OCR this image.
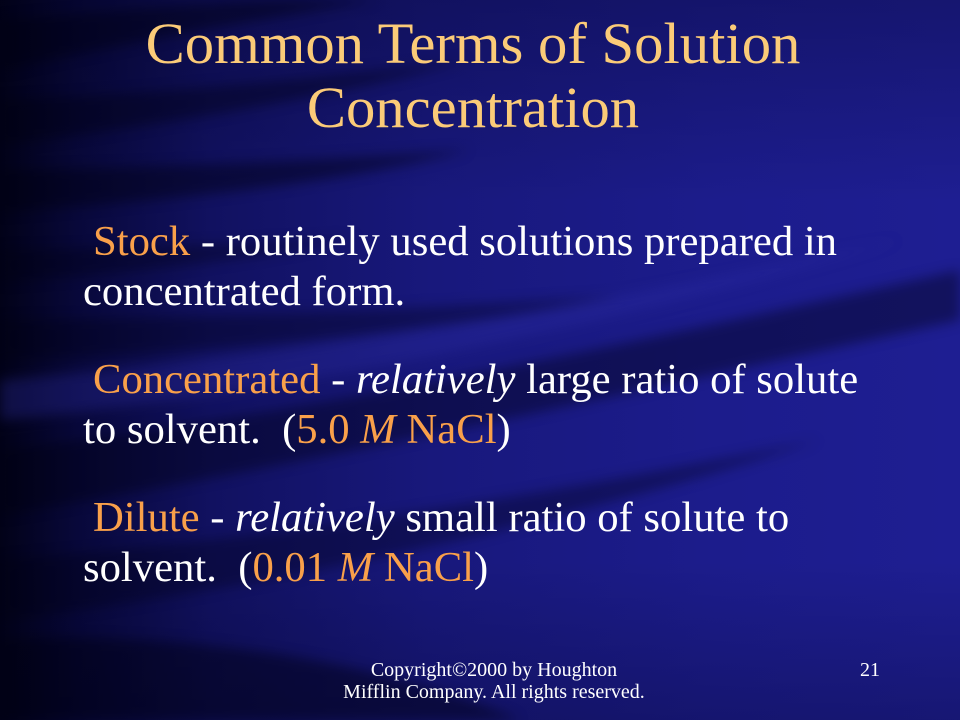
Common Terms of Solution Concentration

Stock - routinely used solutions prepared in concentrated form.

Concentrated - relatively large ratio of solute to solvent.  (5.0 M NaCl)

Dilute - relatively small ratio of solute to solvent.  (0.01 M NaCl)

Copyright©2000 by Houghton
Mifflin Company. All rights reserved.
21
